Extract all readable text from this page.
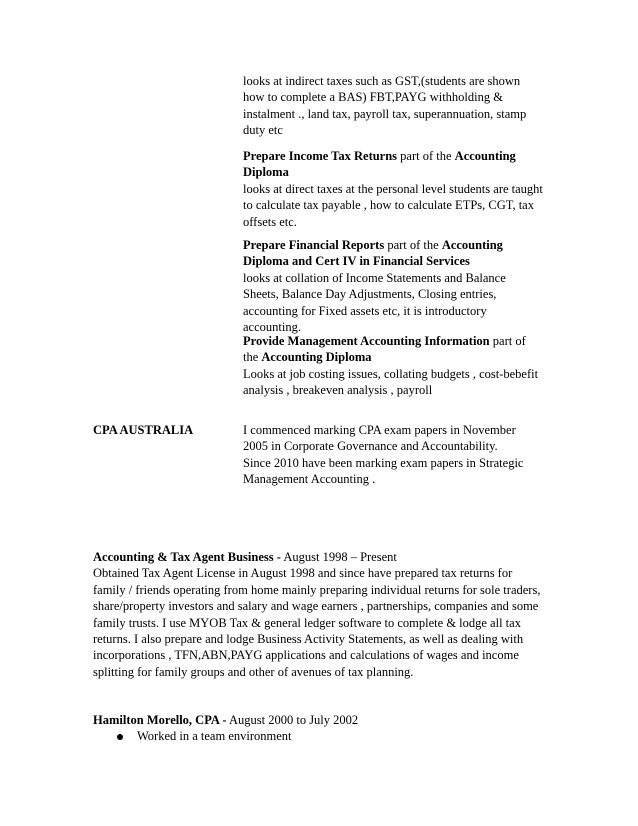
looks at indirect taxes such as GST,(students are shown
how to complete a BAS) FBT,PAYG withholding &
instalment ., land tax, payroll tax, superannuation, stamp
duty etc
Prepare Income Tax Returns part of the Accounting
Diploma
looks at direct taxes at the personal level students are taught
to calculate tax payable , how to calculate ETPs, CGT, tax
offsets etc.
Prepare Financial Reports part of the Accounting
Diploma and Cert IV in Financial Services
looks at collation of Income Statements and Balance
Sheets, Balance Day Adjustments, Closing entries,
accounting for Fixed assets etc, it is introductory
accounting.
Provide Management Accounting Information part of
the Accounting Diploma
Looks at job costing issues, collating budgets , cost-bebefit
analysis , breakeven analysis , payroll
CPA AUSTRALIA	I commenced marking CPA exam papers in November
2005 in Corporate Governance and Accountability.
Since 2010 have been marking exam papers in Strategic
Management Accounting .
Accounting & Tax Agent Business - August 1998 – Present
Obtained Tax Agent License in August 1998 and since have prepared tax returns for
family / friends operating from home mainly preparing individual returns for sole traders,
share/property investors and salary and wage earners , partnerships, companies and some
family trusts. I use MYOB Tax & general ledger software to complete & lodge all tax
returns. I also prepare and lodge Business Activity Statements, as well as dealing with
incorporations , TFN,ABN,PAYG applications and calculations of wages and income
splitting for family groups and other of avenues of tax planning.
Hamilton Morello, CPA - August 2000 to July 2002
Worked in a team environment
